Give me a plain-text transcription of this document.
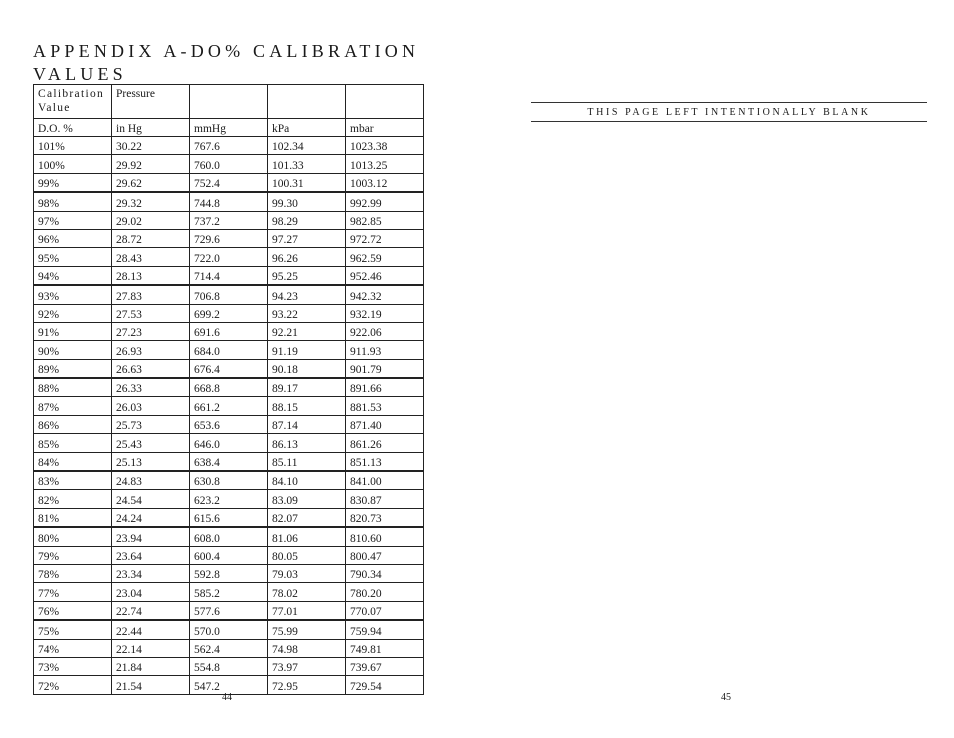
APPENDIX A-DO% CALIBRATION VALUES
Calibration Value	Pressure			
D.O. %	in Hg	mmHg	kPa	mbar
101%	30.22	767.6	102.34	1023.38
100%	29.92	760.0	101.33	1013.25
99%	29.62	752.4	100.31	1003.12
98%	29.32	744.8	99.30	992.99
97%	29.02	737.2	98.29	982.85
96%	28.72	729.6	97.27	972.72
95%	28.43	722.0	96.26	962.59
94%	28.13	714.4	95.25	952.46
93%	27.83	706.8	94.23	942.32
92%	27.53	699.2	93.22	932.19
91%	27.23	691.6	92.21	922.06
90%	26.93	684.0	91.19	911.93
89%	26.63	676.4	90.18	901.79
88%	26.33	668.8	89.17	891.66
87%	26.03	661.2	88.15	881.53
86%	25.73	653.6	87.14	871.40
85%	25.43	646.0	86.13	861.26
84%	25.13	638.4	85.11	851.13
83%	24.83	630.8	84.10	841.00
82%	24.54	623.2	83.09	830.87
81%	24.24	615.6	82.07	820.73
80%	23.94	608.0	81.06	810.60
79%	23.64	600.4	80.05	800.47
78%	23.34	592.8	79.03	790.34
77%	23.04	585.2	78.02	780.20
76%	22.74	577.6	77.01	770.07
75%	22.44	570.0	75.99	759.94
74%	22.14	562.4	74.98	749.81
73%	21.84	554.8	73.97	739.67
72%	21.54	547.2	72.95	729.54
THIS PAGE LEFT INTENTIONALLY BLANK
44	45
